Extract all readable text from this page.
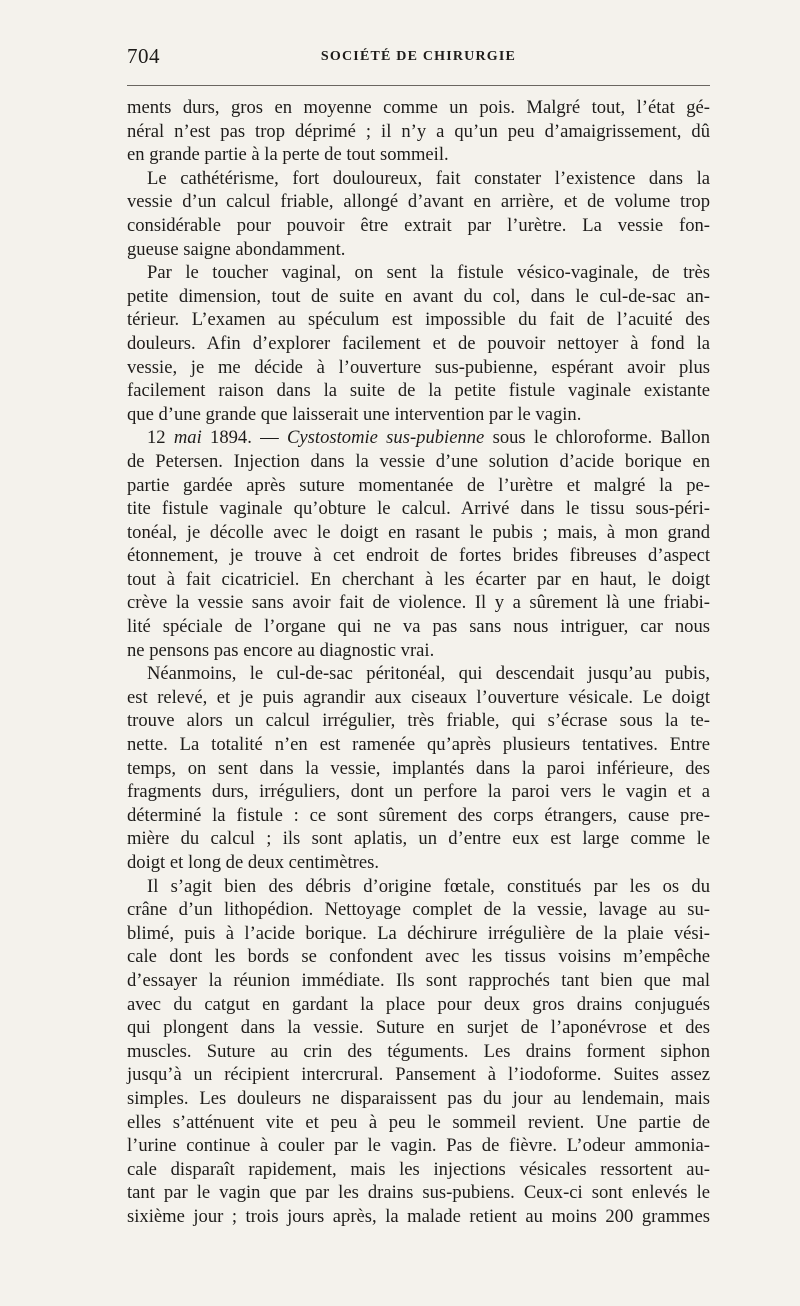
704	SOCIÉTÉ DE CHIRURGIE
ments durs, gros en moyenne comme un pois. Malgré tout, l’état gé-
néral n’est pas trop déprimé ; il n’y a qu’un peu d’amaigrissement, dû
en grande partie à la perte de tout sommeil.
Le cathétérisme, fort douloureux, fait constater l’existence dans la
vessie d’un calcul friable, allongé d’avant en arrière, et de volume trop
considérable pour pouvoir être extrait par l’urètre. La vessie fon-
gueuse saigne abondamment.
Par le toucher vaginal, on sent la fistule vésico-vaginale, de très
petite dimension, tout de suite en avant du col, dans le cul-de-sac an-
térieur. L’examen au spéculum est impossible du fait de l’acuité des
douleurs. Afin d’explorer facilement et de pouvoir nettoyer à fond la
vessie, je me décide à l’ouverture sus-pubienne, espérant avoir plus
facilement raison dans la suite de la petite fistule vaginale existante
que d’une grande que laisserait une intervention par le vagin.
12 mai 1894. — Cystostomie sus-pubienne sous le chloroforme. Ballon
de Petersen. Injection dans la vessie d’une solution d’acide borique en
partie gardée après suture momentanée de l’urètre et malgré la pe-
tite fistule vaginale qu’obture le calcul. Arrivé dans le tissu sous-péri-
tonéal, je décolle avec le doigt en rasant le pubis ; mais, à mon grand
étonnement, je trouve à cet endroit de fortes brides fibreuses d’aspect
tout à fait cicatriciel. En cherchant à les écarter par en haut, le doigt
crève la vessie sans avoir fait de violence. Il y a sûrement là une friabi-
lité spéciale de l’organe qui ne va pas sans nous intriguer, car nous
ne pensons pas encore au diagnostic vrai.
Néanmoins, le cul-de-sac péritonéal, qui descendait jusqu’au pubis,
est relevé, et je puis agrandir aux ciseaux l’ouverture vésicale. Le doigt
trouve alors un calcul irrégulier, très friable, qui s’écrase sous la te-
nette. La totalité n’en est ramenée qu’après plusieurs tentatives. Entre
temps, on sent dans la vessie, implantés dans la paroi inférieure, des
fragments durs, irréguliers, dont un perfore la paroi vers le vagin et a
déterminé la fistule : ce sont sûrement des corps étrangers, cause pre-
mière du calcul ; ils sont aplatis, un d’entre eux est large comme le
doigt et long de deux centimètres.
Il s’agit bien des débris d’origine fœtale, constitués par les os du
crâne d’un lithopédion. Nettoyage complet de la vessie, lavage au su-
blimé, puis à l’acide borique. La déchirure irrégulière de la plaie vési-
cale dont les bords se confondent avec les tissus voisins m’empêche
d’essayer la réunion immédiate. Ils sont rapprochés tant bien que mal
avec du catgut en gardant la place pour deux gros drains conjugués
qui plongent dans la vessie. Suture en surjet de l’aponévrose et des
muscles. Suture au crin des téguments. Les drains forment siphon
jusqu’à un récipient intercrural. Pansement à l’iodoforme. Suites assez
simples. Les douleurs ne disparaissent pas du jour au lendemain, mais
elles s’atténuent vite et peu à peu le sommeil revient. Une partie de
l’urine continue à couler par le vagin. Pas de fièvre. L’odeur ammonia-
cale disparaît rapidement, mais les injections vésicales ressortent au-
tant par le vagin que par les drains sus-pubiens. Ceux-ci sont enlevés le
sixième jour ; trois jours après, la malade retient au moins 200 grammes
